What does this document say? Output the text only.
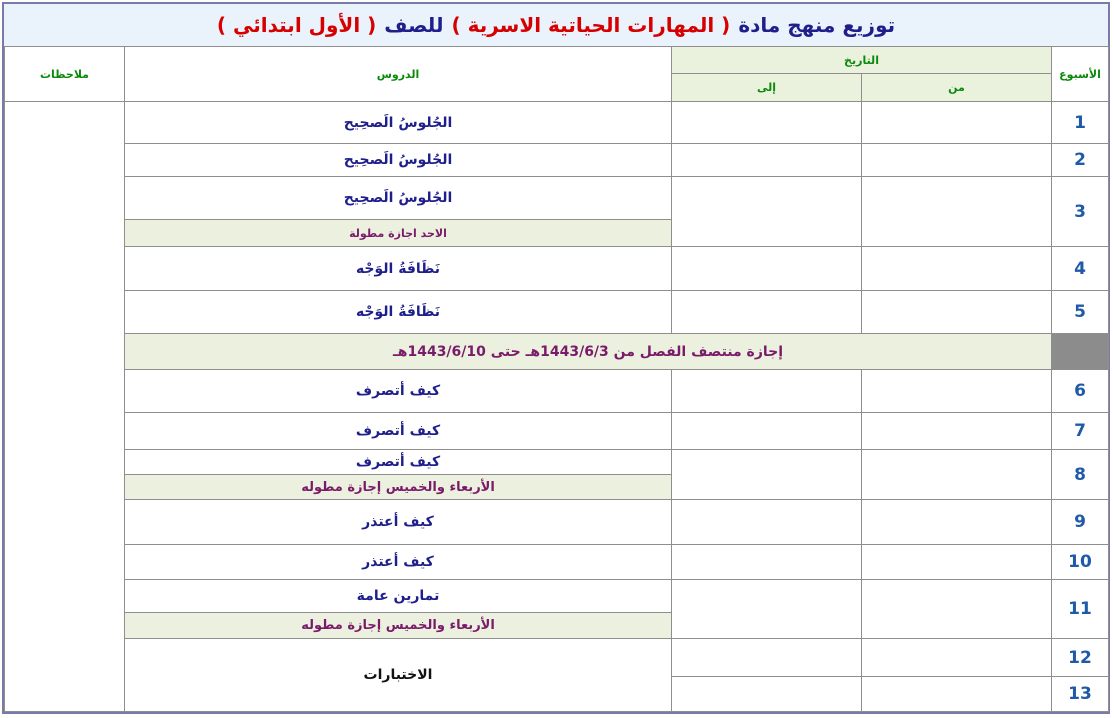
توزيع منهج مادة
( المهارات الحياتية الاسرية )
للصف
( الأول ابتدائي )
الأسبوع	التاريخ		الدروس	ملاحظات
	من	إلى		
1			الجُلوسُ الَصحِيح	
2			الجُلوسُ الَصحِيح	
3			الجُلوسُ الَصحِيح	
			الاحد اجازة مطولة	
4			نَظَافَةُ الوَجْه	
5			نَظَافَةُ الوَجْه	
	إجازة منتصف الفصل من 1443/6/3هـ حتى 1443/6/10هـ			
6			كيف أتصرف	
7			كيف أتصرف	
8			كيف أتصرف	
			الأربعاء والخميس إجازة مطوله	
9			كيف أعتذر	
10			كيف أعتذر	
11			تمارين عامة	
			الأربعاء والخميس إجازة مطوله	
12			الاختبارات	
13				
